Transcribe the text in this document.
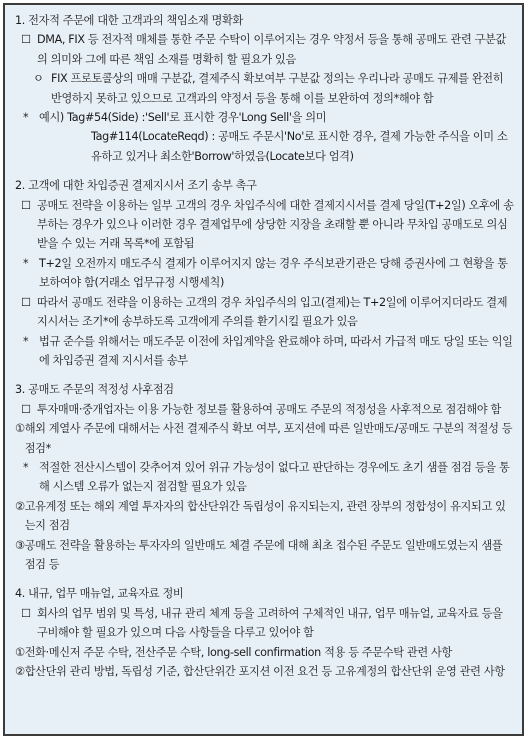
1. 전자적 주문에 대한 고객과의 책임소재 명확화
☐ DMA, FIX 등 전자적 매체를 통한 주문 수탁이 이루어지는 경우 약정서 등을 통해 공매도 관련 구분값의 의미와 그에 따른 책임 소재를 명확히 할 필요가 있음
ㅇ FIX 프로토콜상의 매매 구분값, 결제주식 확보여부 구분값 정의는 우리나라 공매도 규제를 완전히 반영하지 못하고 있으므로 고객과의 약정서 등을 통해 이를 보완하여 정의*해야 함
* 예시) Tag#54(Side) :'Sell'로 표시한 경우'Long Sell'을 의미
Tag#114(LocateReqd) : 공매도 주문시'No'로 표시한 경우, 결제 가능한 주식을 이미 소유하고 있거나 최소한'Borrow'하였음(Locate보다 엄격)
2. 고객에 대한 차입증권 결제지시서 조기 송부 촉구
☐ 공매도 전략을 이용하는 일부 고객의 경우 차입주식에 대한 결제지시서를 결제 당일(T+2일) 오후에 송부하는 경우가 있으나 이러한 경우 결제업무에 상당한 지장을 초래할 뿐 아니라 무차입 공매도로 의심받을 수 있는 거래 목록*에 포함됨
* T+2일 오전까지 매도주식 결제가 이루어지지 않는 경우 주식보관기관은 당해 증권사에 그 현황을 통보하여야 함(거래소 업무규정 시행세칙)
☐ 따라서 공매도 전략을 이용하는 고객의 경우 차입주식의 입고(결제)는 T+2일에 이루어지더라도 결제 지시서는 조기*에 송부하도록 고객에게 주의를 환기시킬 필요가 있음
* 법규 준수를 위해서는 매도주문 이전에 차입계약을 완료해야 하며, 따라서 가급적 매도 당일 또는 익일에 차입증권 결제 지시서를 송부
3. 공매도 주문의 적정성 사후점검
☐ 투자매매·중개업자는 이용 가능한 정보를 활용하여 공매도 주문의 적정성을 사후적으로 점검해야 함
① 해외 계열사 주문에 대해서는 사전 결제주식 확보 여부, 포지션에 따른 일반매도/공매도 구분의 적절성 등 점검*
* 적절한 전산시스템이 갖추어져 있어 위규 가능성이 없다고 판단하는 경우에도 초기 샘플 점검 등을 통해 시스템 오류가 없는지 점검할 필요가 있음
② 고유계정 또는 해외 계열 투자자의 합산단위간 독립성이 유지되는지, 관련 장부의 정합성이 유지되고 있는지 점검
③ 공매도 전략을 활용하는 투자자의 일반매도 체결 주문에 대해 최초 접수된 주문도 일반매도였는지 샘플 점검 등
4. 내규, 업무 매뉴얼, 교육자료 정비
☐ 회사의 업무 범위 및 특성, 내규 관리 체계 등을 고려하여 구체적인 내규, 업무 매뉴얼, 교육자료 등을 구비해야 할 필요가 있으며 다음 사항들을 다루고 있어야 함
① 전화·메신저 주문 수탁, 전산주문 수탁, long-sell confirmation 적용 등 주문수탁 관련 사항
② 합산단위 관리 방법, 독립성 기준, 합산단위간 포지션 이전 요건 등 고유계정의 합산단위 운영 관련 사항
